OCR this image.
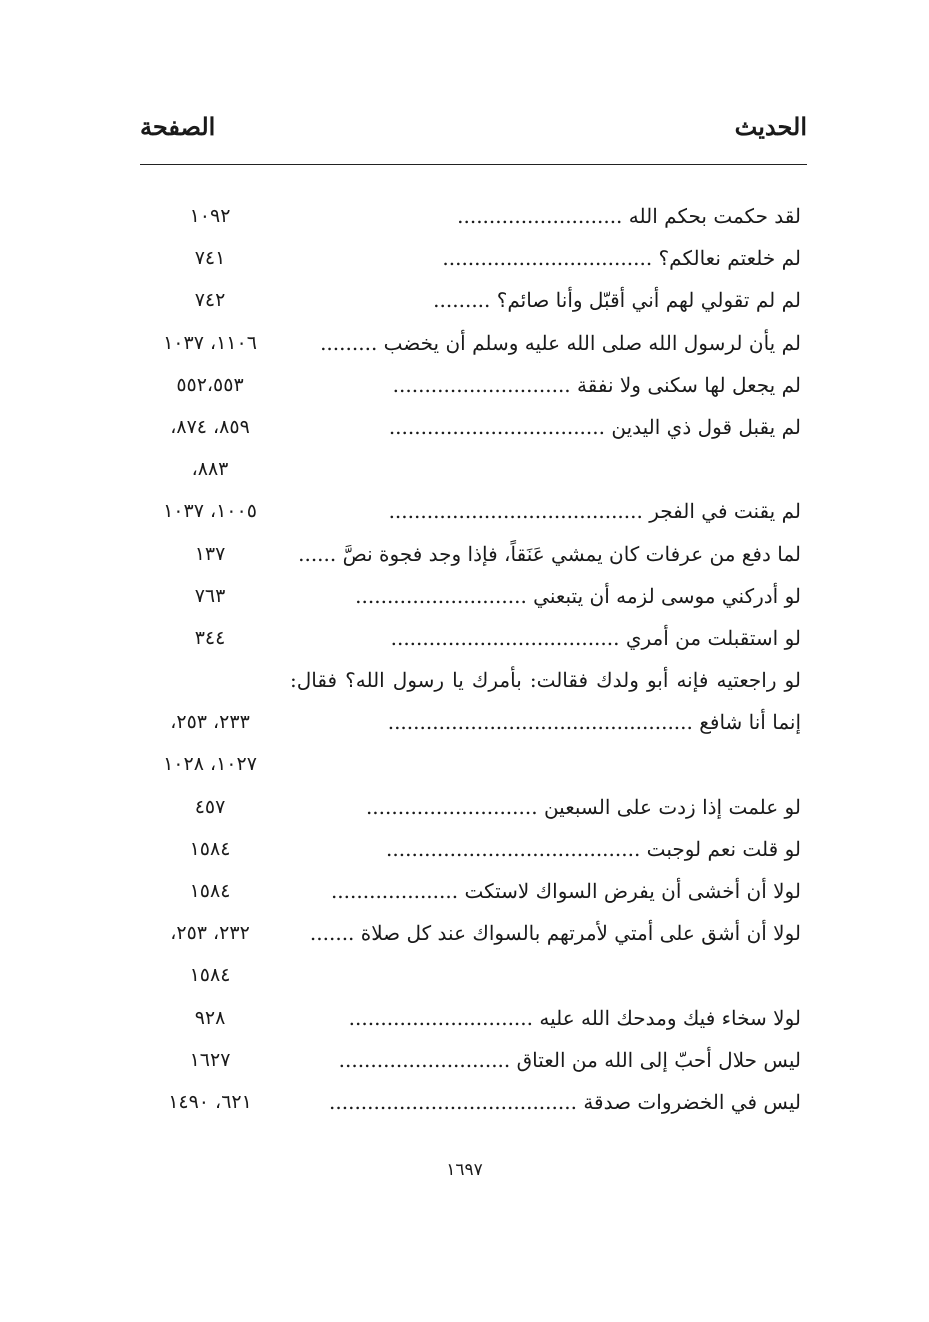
الحديث
الصفحة
لقد حكمت بحكم الله ..........................
١٠٩٢
لم خلعتم نعالكم؟ .................................
٧٤١
لم لم تقولي لهم أني أقبّل وأنا صائم؟ .........
٧٤٢
لم يأن لرسول الله صلى الله عليه وسلم أن يخضب .........
١١٠٦، ١٠٣٧
لم يجعل لها سكنى ولا نفقة ............................
٥٥٢،٥٥٣
لم يقبل قول ذي اليدين ..................................
٨٥٩، ٨٧٤،
٨٨٣،
لم يقنت في الفجر ........................................
١٠٠٥، ١٠٣٧
لما دفع من عرفات كان يمشي عَنَقاً، فإذا وجد فجوة نصَّ ......
١٣٧
لو أدركني موسى لزمه أن يتبعني ...........................
٧٦٣
لو استقبلت من أمري ....................................
٣٤٤
لو راجعتيه فإنه أبو ولدك فقالت: بأمرك يا رسول الله؟ فقال:
إنما أنا شافع ................................................
٢٣٣، ٢٥٣،
١٠٢٧، ١٠٢٨
لو علمت إذا زدت على السبعين ...........................
٤٥٧
لو قلت نعم لوجبت ........................................
١٥٨٤
لولا أن أخشى أن يفرض السواك لاستكت ....................
١٥٨٤
لولا أن أشق على أمتي لأمرتهم بالسواك عند كل صلاة .......
٢٣٢، ٢٥٣،
١٥٨٤
لولا سخاء فيك ومدحك الله عليه .............................
٩٢٨
ليس حلال أحبّ إلى الله من العتاق ...........................
١٦٢٧
ليس في الخضروات صدقة .......................................
٦٢١، ١٤٩٠
١٦٩٧
